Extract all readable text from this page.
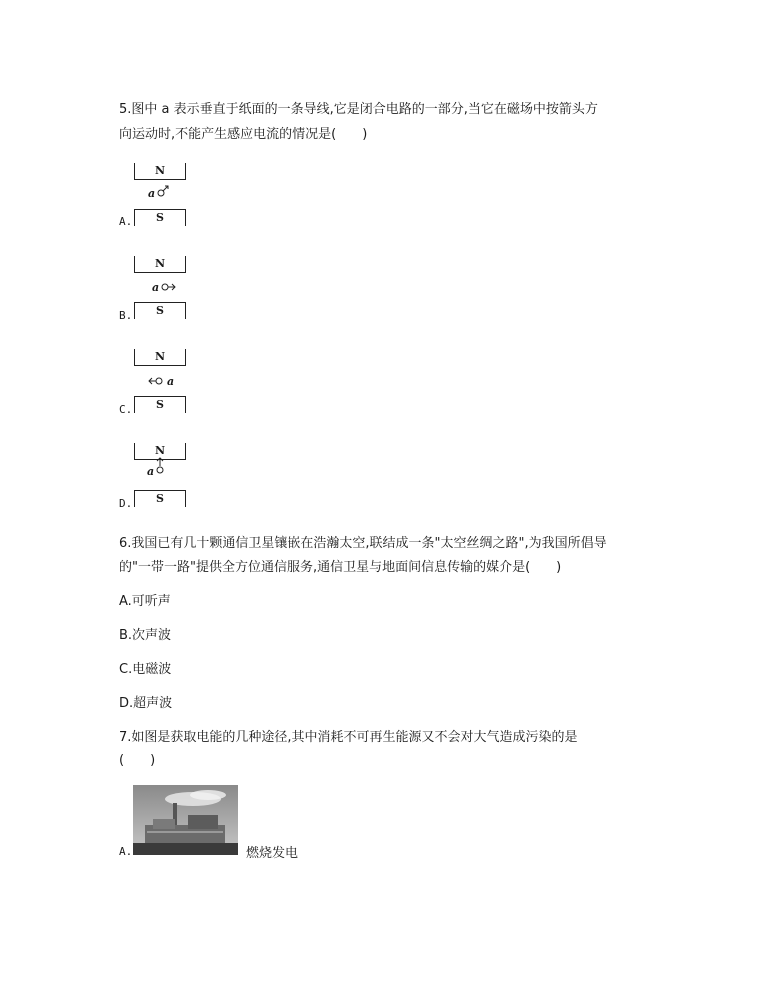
5.图中 a 表示垂直于纸面的一条导线,它是闭合电路的一部分,当它在磁场中按箭头方
向运动时,不能产生感应电流的情况是(　　)
N
a
A.	S
N
a
B.	S
N
a
C.	S
N
a
D.	S
6.我国已有几十颗通信卫星镶嵌在浩瀚太空,联结成一条"太空丝绸之路",为我国所倡导
的"一带一路"提供全方位通信服务,通信卫星与地面间信息传输的媒介是(　　)
A.可听声
B.次声波
C.电磁波
D.超声波
7.如图是获取电能的几种途径,其中消耗不可再生能源又不会对大气造成污染的是
(　　)
A.	燃烧发电
